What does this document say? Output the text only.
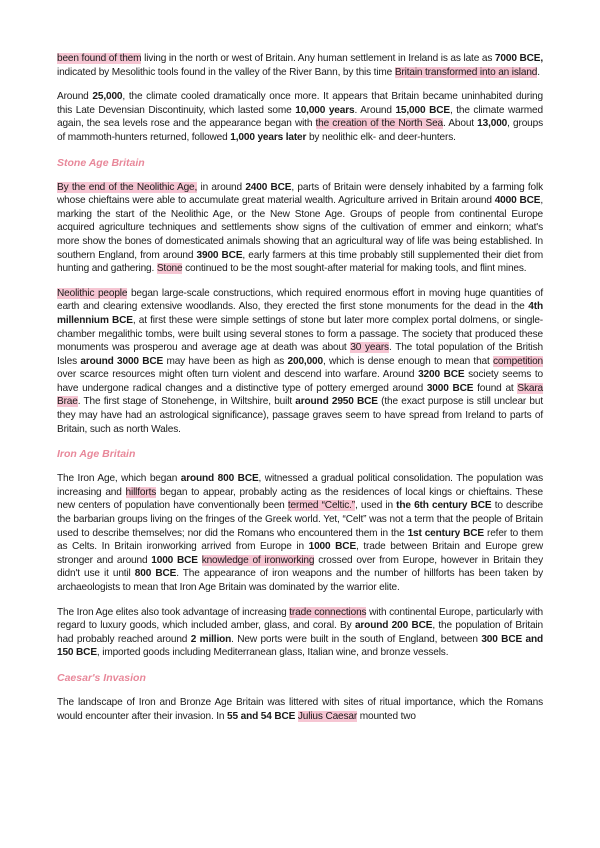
been found of them living in the north or west of Britain. Any human settlement in Ireland is as late as 7000 BCE, indicated by Mesolithic tools found in the valley of the River Bann, by this time Britain transformed into an island.

Around 25,000, the climate cooled dramatically once more. It appears that Britain became uninhabited during this Late Devensian Discontinuity, which lasted some 10,000 years. Around 15,000 BCE, the climate warmed again, the sea levels rose and the appearance began with the creation of the North Sea. About 13,000, groups of mammoth-hunters returned, followed 1,000 years later by neolithic elk- and deer-hunters.

Stone Age Britain

By the end of the Neolithic Age, in around 2400 BCE, parts of Britain were densely inhabited by a farming folk whose chieftains were able to accumulate great material wealth. Agriculture arrived in Britain around 4000 BCE, marking the start of the Neolithic Age, or the New Stone Age. Groups of people from continental Europe acquired agriculture techniques and settlements show signs of the cultivation of emmer and einkorn; what's more show the bones of domesticated animals showing that an agricultural way of life was being established. In southern England, from around 3900 BCE, early farmers at this time probably still supplemented their diet from hunting and gathering. Stone continued to be the most sought-after material for making tools, and flint mines.

Neolithic people began large-scale constructions, which required enormous effort in moving huge quantities of earth and clearing extensive woodlands. Also, they erected the first stone monuments for the dead in the 4th millennium BCE, at first these were simple settings of stone but later more complex portal dolmens, or single-chamber megalithic tombs, were built using several stones to form a passage. The society that produced these monuments was prosperou and average age at death was about 30 years. The total population of the British Isles around 3000 BCE may have been as high as 200,000, which is dense enough to mean that competition over scarce resources might often turn violent and descend into warfare. Around 3200 BCE society seems to have undergone radical changes and a distinctive type of pottery emerged around 3000 BCE found at Skara Brae. The first stage of Stonehenge, in Wiltshire, built around 2950 BCE (the exact purpose is still unclear but they may have had an astrological significance), passage graves seem to have spread from Ireland to parts of Britain, such as north Wales.

Iron Age Britain

The Iron Age, which began around 800 BCE, witnessed a gradual political consolidation. The population was increasing and hillforts began to appear, probably acting as the residences of local kings or chieftains. These new centers of population have conventionally been termed “Celtic.”, used in the 6th century BCE to describe the barbarian groups living on the fringes of the Greek world. Yet, “Celt” was not a term that the people of Britain used to describe themselves; nor did the Romans who encountered them in the 1st century BCE refer to them as Celts. In Britain ironworking arrived from Europe in 1000 BCE, trade between Britain and Europe grew stronger and around 1000 BCE knowledge of ironworking crossed over from Europe, however in Britain they didn't use it until 800 BCE. The appearance of iron weapons and the number of hillforts has been taken by archaeologists to mean that Iron Age Britain was dominated by the warrior elite.

The Iron Age elites also took advantage of increasing trade connections with continental Europe, particularly with regard to luxury goods, which included amber, glass, and coral. By around 200 BCE, the population of Britain had probably reached around 2 million. New ports were built in the south of England, between 300 BCE and 150 BCE, imported goods including Mediterranean glass, Italian wine, and bronze vessels.

Caesar's Invasion

The landscape of Iron and Bronze Age Britain was littered with sites of ritual importance, which the Romans would encounter after their invasion. In 55 and 54 BCE Julius Caesar mounted two
